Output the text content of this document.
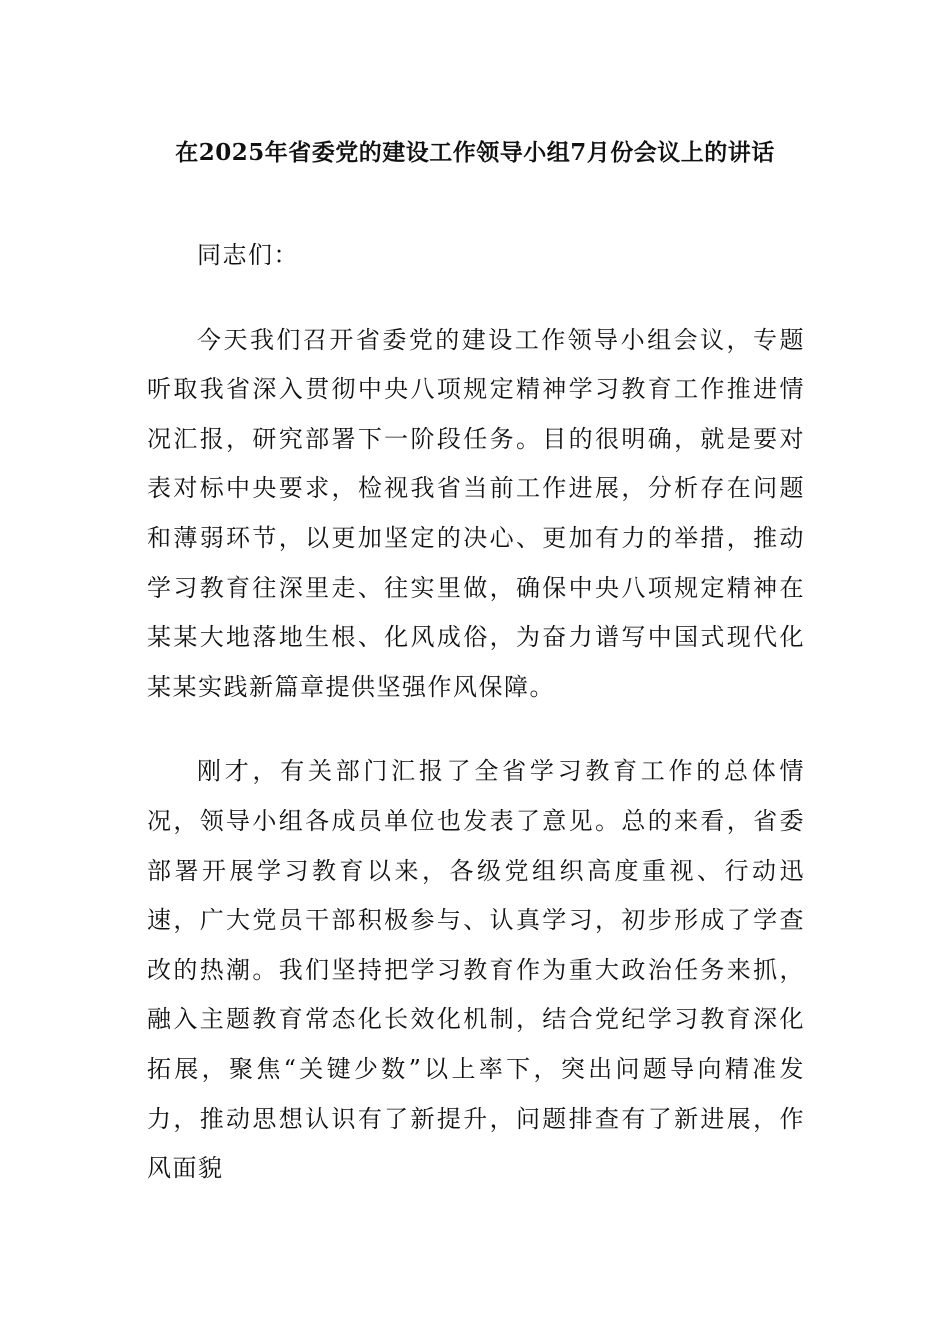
在2025年省委党的建设工作领导小组7月份会议上的讲话

同志们：

今天我们召开省委党的建设工作领导小组会议，专题听取我省深入贯彻中央八项规定精神学习教育工作推进情况汇报，研究部署下一阶段任务。目的很明确，就是要对表对标中央要求，检视我省当前工作进展，分析存在问题和薄弱环节，以更加坚定的决心、更加有力的举措，推动学习教育往深里走、往实里做，确保中央八项规定精神在某某大地落地生根、化风成俗，为奋力谱写中国式现代化某某实践新篇章提供坚强作风保障。

刚才，有关部门汇报了全省学习教育工作的总体情况，领导小组各成员单位也发表了意见。总的来看，省委部署开展学习教育以来，各级党组织高度重视、行动迅速，广大党员干部积极参与、认真学习，初步形成了学查改的热潮。我们坚持把学习教育作为重大政治任务来抓，融入主题教育常态化长效化机制，结合党纪学习教育深化拓展，聚焦“关键少数”以上率下，突出问题导向精准发力，推动思想认识有了新提升，问题排查有了新进展，作风面貌
